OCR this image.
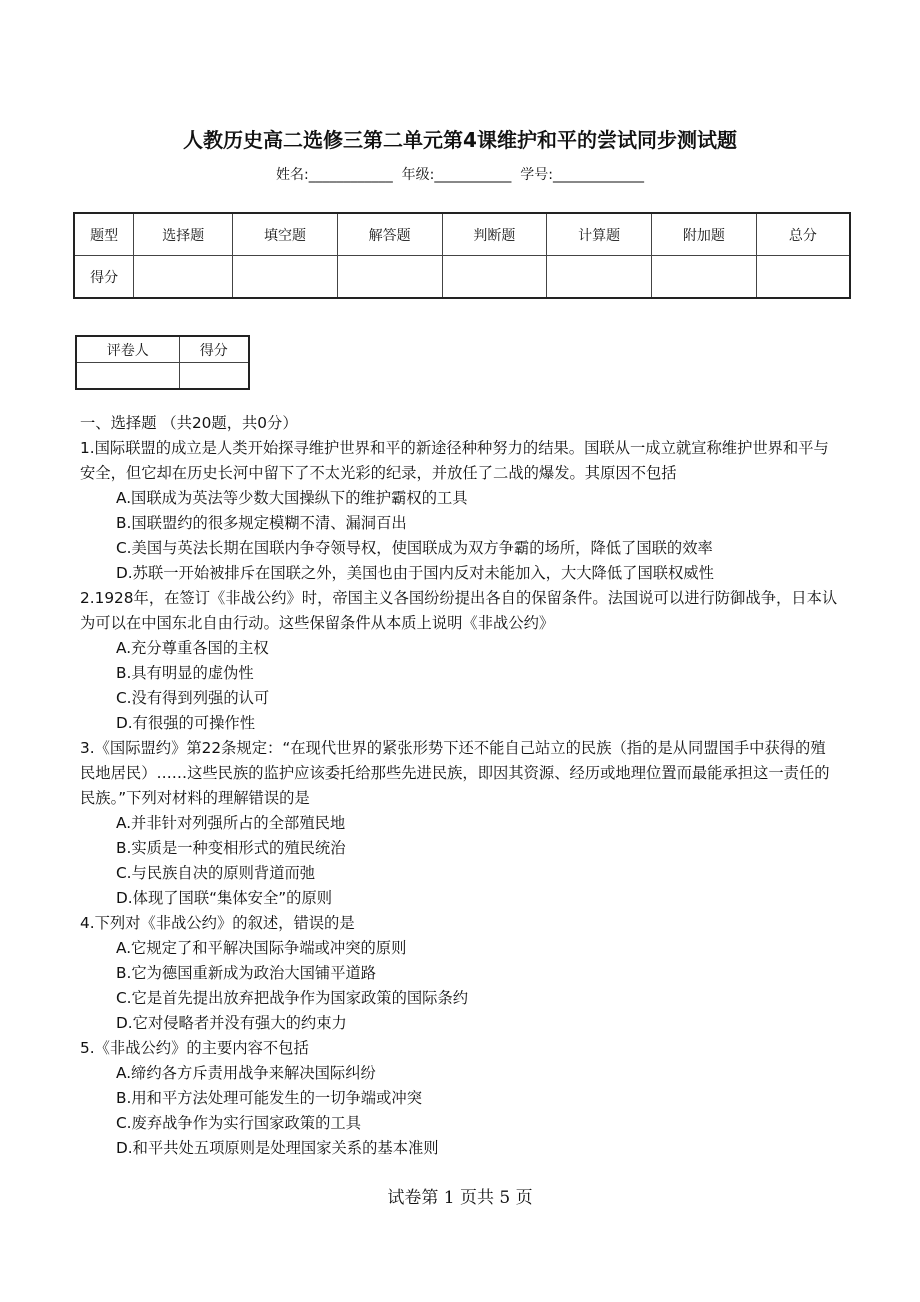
人教历史高二选修三第二单元第4课维护和平的尝试同步测试题
姓名:____________ 年级:___________ 学号:_____________
题型	选择题	填空题	解答题	判断题	计算题	附加题	总分
得分							
评卷人	得分

一、选择题 （共20题，共0分）
1.国际联盟的成立是人类开始探寻维护世界和平的新途径种种努力的结果。国联从一成立就宣称维护世界和平与安全，但它却在历史长河中留下了不太光彩的纪录，并放任了二战的爆发。其原因不包括
A.国联成为英法等少数大国操纵下的维护霸权的工具
B.国联盟约的很多规定模糊不清、漏洞百出
C.美国与英法长期在国联内争夺领导权，使国联成为双方争霸的场所，降低了国联的效率
D.苏联一开始被排斥在国联之外，美国也由于国内反对未能加入，大大降低了国联权威性
2.1928年，在签订《非战公约》时，帝国主义各国纷纷提出各自的保留条件。法国说可以进行防御战争，日本认为可以在中国东北自由行动。这些保留条件从本质上说明《非战公约》
A.充分尊重各国的主权
B.具有明显的虚伪性
C.没有得到列强的认可
D.有很强的可操作性
3.《国际盟约》第22条规定：“在现代世界的紧张形势下还不能自己站立的民族（指的是从同盟国手中获得的殖民地居民）……这些民族的监护应该委托给那些先进民族，即因其资源、经历或地理位置而最能承担这一责任的民族。”下列对材料的理解错误的是
A.并非针对列强所占的全部殖民地
B.实质是一种变相形式的殖民统治
C.与民族自决的原则背道而弛
D.体现了国联“集体安全”的原则
4.下列对《非战公约》的叙述，错误的是
A.它规定了和平解决国际争端或冲突的原则
B.它为德国重新成为政治大国铺平道路
C.它是首先提出放弃把战争作为国家政策的国际条约
D.它对侵略者并没有强大的约束力
5.《非战公约》的主要内容不包括
A.缔约各方斥责用战争来解决国际纠纷
B.用和平方法处理可能发生的一切争端或冲突
C.废弃战争作为实行国家政策的工具
D.和平共处五项原则是处理国家关系的基本准则
试卷第 1 页共 5 页
